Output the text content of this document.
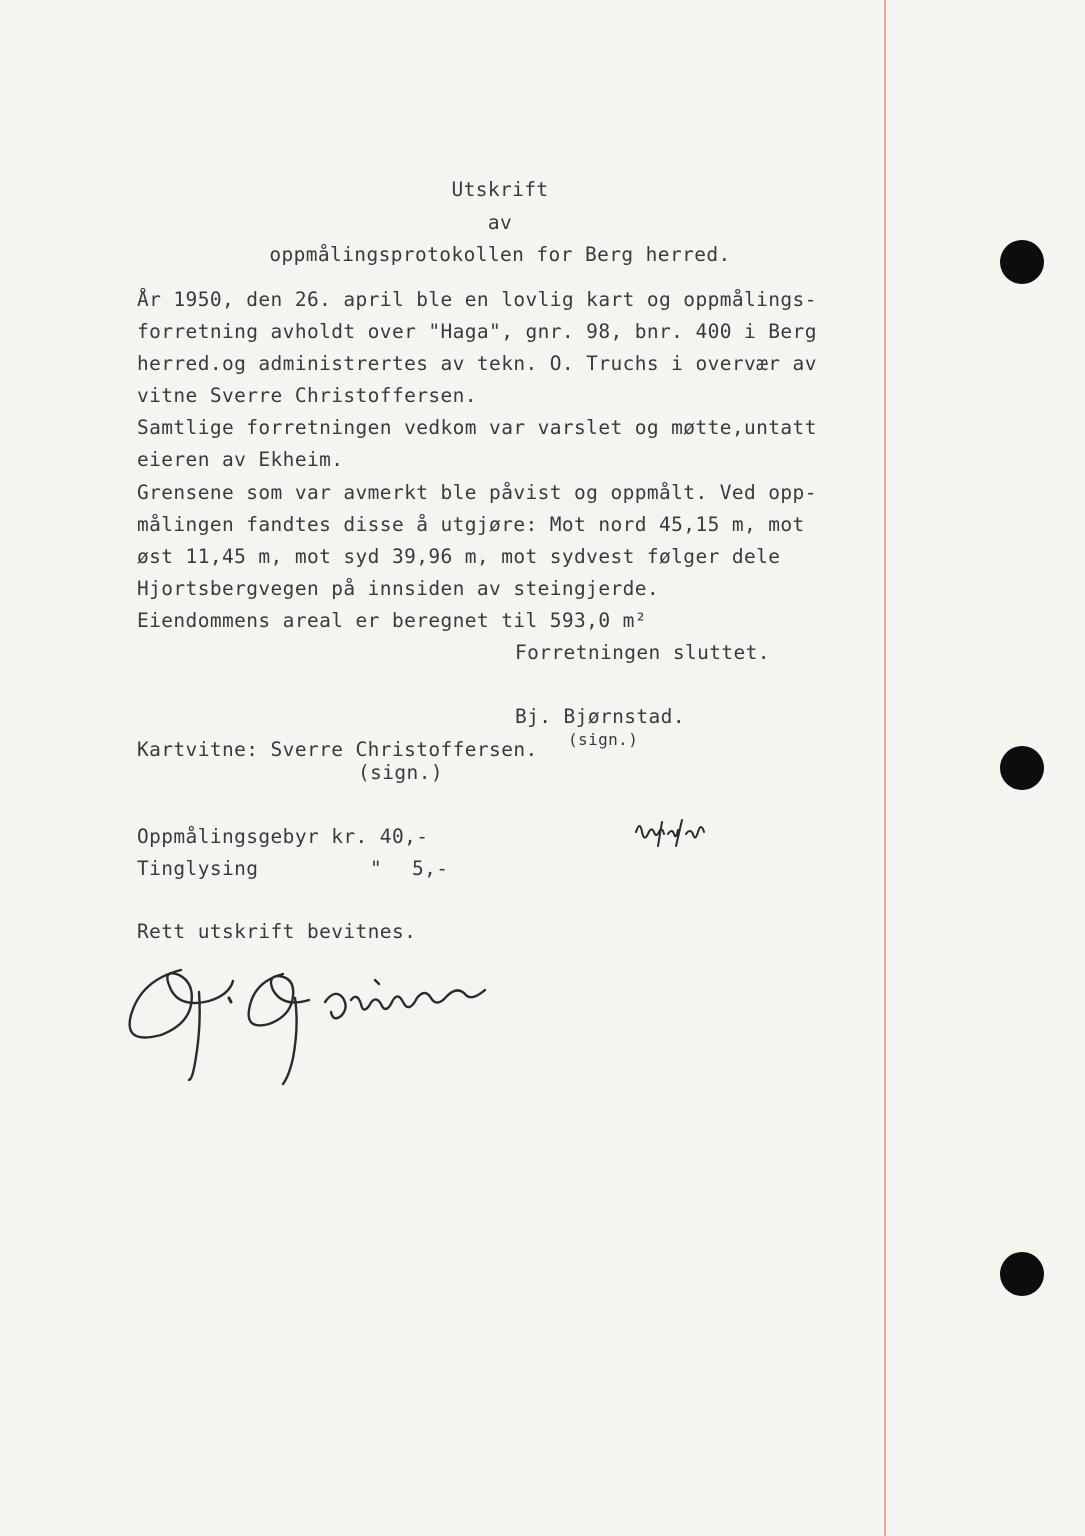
Utskrift
av
oppmålingsprotokollen for Berg herred.
År 1950, den 26. april ble en lovlig kart og oppmålings-
forretning avholdt over "Haga", gnr. 98, bnr. 400 i Berg
herred.og administrertes av tekn. O. Truchs i overvær av
vitne Sverre Christoffersen.
Samtlige forretningen vedkom var varslet og møtte,untatt
eieren av Ekheim.
Grensene som var avmerkt ble påvist og oppmålt. Ved opp-
målingen fandtes disse å utgjøre: Mot nord 45,15 m, mot
øst 11,45 m, mot syd 39,96 m, mot sydvest følger dele
Hjortsbergvegen på innsiden av steingjerde.
Eiendommens areal er beregnet til 593,0 m²
Forretningen sluttet.
Bj. Bjørnstad.
(sign.)
Kartvitne: Sverre Christoffersen.
(sign.)
Oppmålingsgebyr kr. 40,-
Tinglysing	" 5,-
Rett utskrift bevitnes.
